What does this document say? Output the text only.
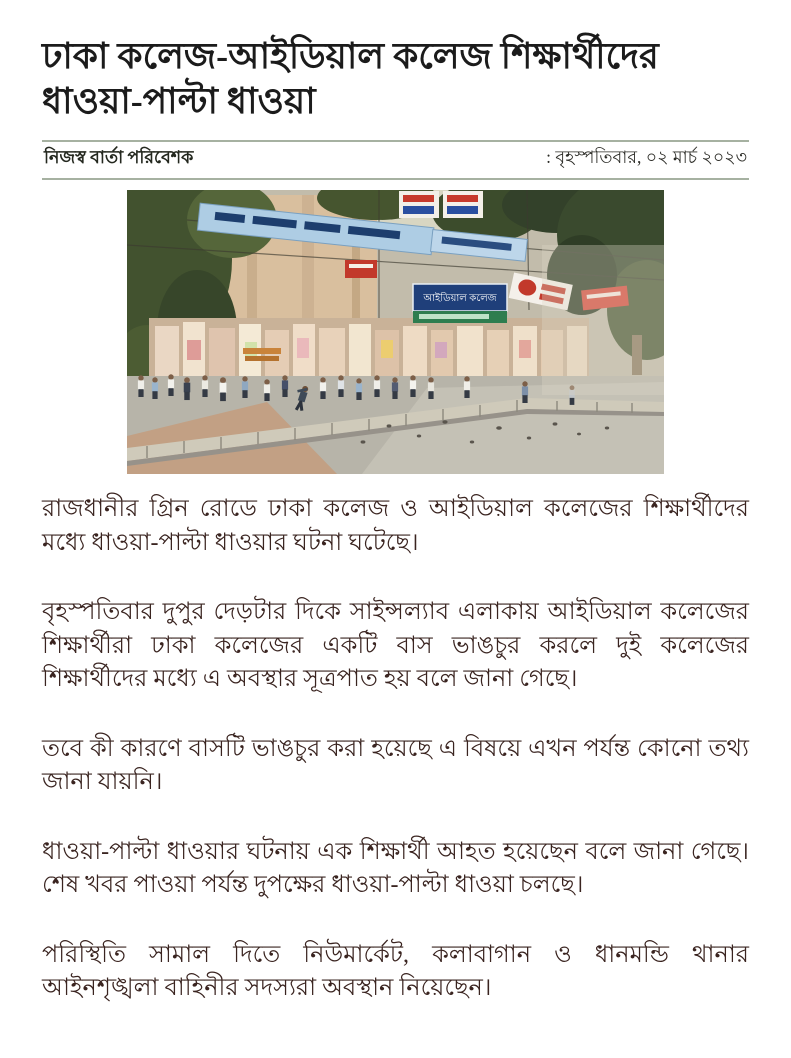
ঢাকা কলেজ-আইডিয়াল কলেজ শিক্ষার্থীদের ধাওয়া-পাল্টা ধাওয়া
নিজস্ব বার্তা পরিবেশক	: বৃহস্পতিবার, ০২ মার্চ ২০২৩
আইডিয়াল কলেজ

রাজধানীর গ্রিন রোডে ঢাকা কলেজ ও আইডিয়াল কলেজের শিক্ষার্থীদের মধ্যে ধাওয়া-পাল্টা ধাওয়ার ঘটনা ঘটেছে।

বৃহস্পতিবার দুপুর দেড়টার দিকে সাইন্সল্যাব এলাকায় আইডিয়াল কলেজের শিক্ষার্থীরা ঢাকা কলেজের একটি বাস ভাঙচুর করলে দুই কলেজের শিক্ষার্থীদের মধ্যে এ অবস্থার সূত্রপাত হয় বলে জানা গেছে।

তবে কী কারণে বাসটি ভাঙচুর করা হয়েছে এ বিষয়ে এখন পর্যন্ত কোনো তথ্য জানা যায়নি।

ধাওয়া-পাল্টা ধাওয়ার ঘটনায় এক শিক্ষার্থী আহত হয়েছেন বলে জানা গেছে। শেষ খবর পাওয়া পর্যন্ত দুপক্ষের ধাওয়া-পাল্টা ধাওয়া চলছে।

পরিস্থিতি সামাল দিতে নিউমার্কেট, কলাবাগান ও ধানমন্ডি থানার আইনশৃঙ্খলা বাহিনীর সদস্যরা অবস্থান নিয়েছেন।
